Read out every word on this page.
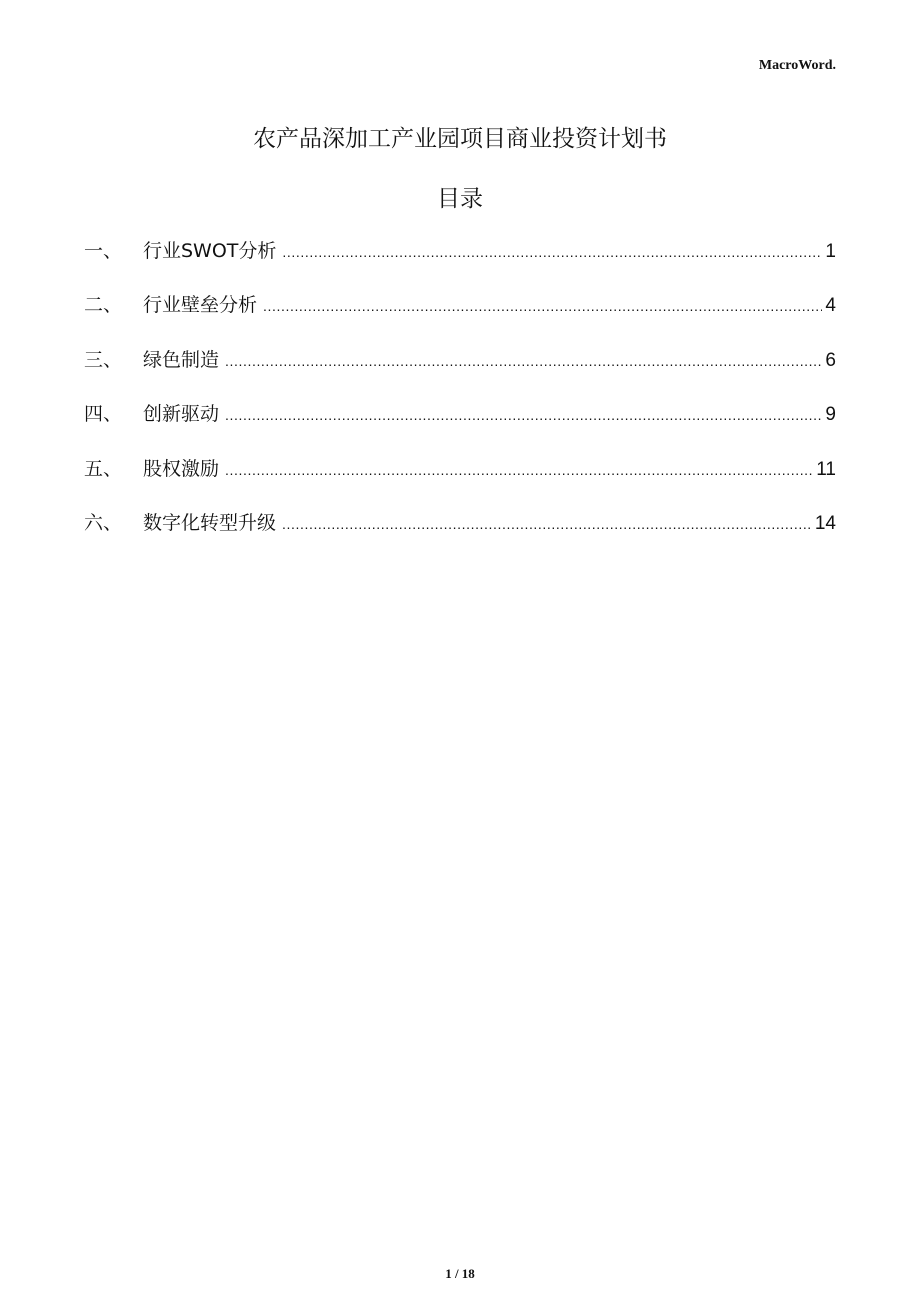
MacroWord.
农产品深加工产业园项目商业投资计划书
目录
一、	行业SWOT分析 .....	1
二、	行业壁垒分析 .....	4
三、	绿色制造 .....	6
四、	创新驱动 .....	9
五、	股权激励 .....	11
六、	数字化转型升级 .....	14
1 / 18
